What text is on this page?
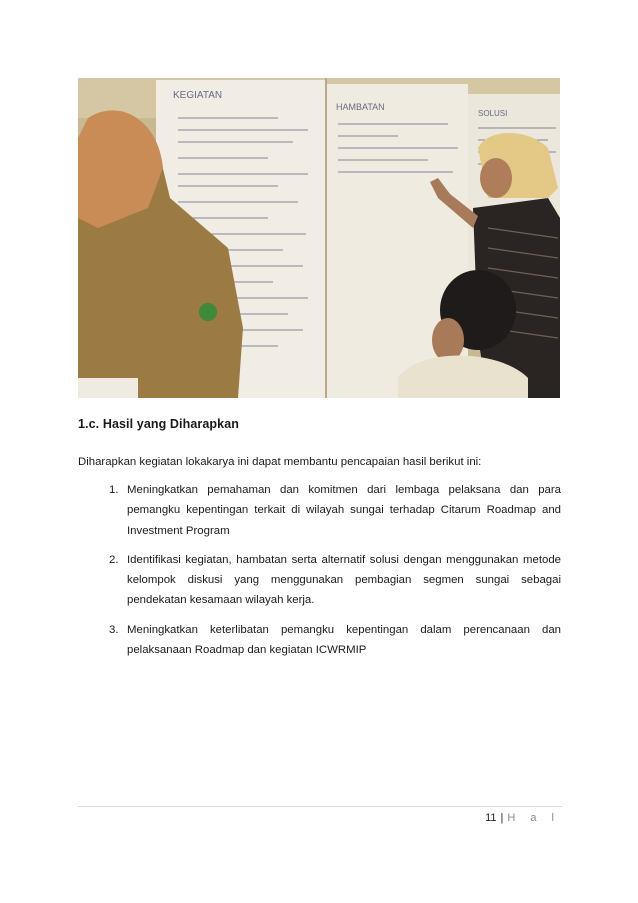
KEGIATAN
HAMBATAN
SOLUSI
1.c. Hasil yang Diharapkan
Diharapkan kegiatan lokakarya ini dapat membantu pencapaian hasil berikut ini:
1. Meningkatkan pemahaman dan komitmen dari lembaga pelaksana dan para pemangku kepentingan terkait di wilayah sungai terhadap Citarum Roadmap and Investment Program
2. Identifikasi kegiatan, hambatan serta alternatif solusi dengan menggunakan metode kelompok diskusi yang menggunakan pembagian segmen sungai sebagai pendekatan kesamaan wilayah kerja.
3. Meningkatkan keterlibatan pemangku kepentingan dalam perencanaan dan pelaksanaan Roadmap dan kegiatan ICWRMIP
11 | H a l
